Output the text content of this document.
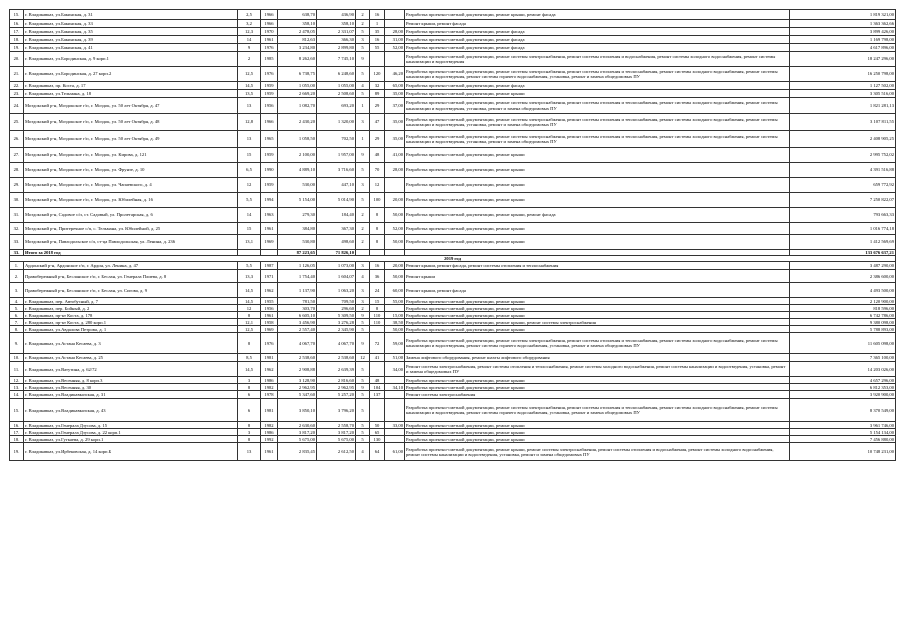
15.	г. Владикавказ, ул.Бакинская, д. 31	2,5	1966	638,70	436,90	2	16		Разработка проектно-сметной документации, ремонт крыши, ремонт фасада	1 819 321,00
16.	г. Владикавказ, ул.Бакинская, д. 33	3,2	1966	358,10	358,10	2	1		Ремонт крыши, ремонт фасада	1 363 362,66
17.	г. Владикавказ, ул.Бакинская, д. 35	12,3	1970	2 478,05	2 331,07	5	35	28,00	Разработка проектно-сметной документации, ремонт фасада	3 899 426,00
18.	г. Владикавказ, ул.Бакинская, д. 39	14	1961	812,63	366,30	3	16	31,00	Разработка проектно-сметной документации, ремонт фасада	1 169 798,00
19.	г. Владикавказ, ул.Бакинская, д. 41	9	1976	3 234,80	2 899,80	5	55	52,00	Разработка проектно-сметной документации, ремонт фасада	4 617 896,00
20.	г. Владикавказ, ул.Бородинская, д. 9 корп.1	2	1985	8 262,60	7 745,10	9			Разработка проектно-сметной документации, ремонт системы электроснабжения, ремонт системы отопления и водоснабжения, ремонт системы холодного водоснабжения, ремонт системы канализации и водоотведения	18 247 296,00
21.	г. Владикавказ, ул.Бородинская, д. 27 корп.2	12,5	1976	6 738,75	6 248,60	5	120	46,20	Разработка проектно-сметной документации, ремонт системы электроснабжения, ремонт системы отопления и теплоснабжения, ремонт системы холодного водоснабжения, ремонт системы канализации и водоотведения, ремонт системы горячего водоснабжения, установка, ремонт и замена общедомовых ПУ	16 250 798,00
22.	г. Владикавказ, пр. Коста, д. 17	14,5	1959	1 055,00	1 055,00	4	32	65,00	Разработка проектно-сметной документации, ремонт фасада	1 127 502,00
23.	г. Владикавказ, ул.Тельмана, д. 18	13,5	1959	2 669,20	2 508,60	5	89	35,00	Разработка проектно-сметной документации, ремонт крыши	3 305 516,00
24.	Моздокский р-н, Моздокское г/п, г. Моздок, ул. 50 лет Октября, д. 47	13	1956	1 082,70	693,20	1	29	37,00	Разработка проектно-сметной документации, ремонт системы электроснабжения, ремонт системы отопления и теплоснабжения, ремонт системы холодного водоснабжения, ремонт системы канализации и водоотведения, установка, ремонт и замена общедомовых ПУ	1 821 281,13
25.	Моздокский р-н, Моздокское г/п, г. Моздок, ул. 50 лет Октября, д. 48	12,8	1966	2 430,20	1 320,00	3	47	35,00	Разработка проектно-сметной документации, ремонт системы электроснабжения, ремонт системы отопления и теплоснабжения, ремонт системы холодного водоснабжения, ремонт системы канализации и водоотведения, установка, ремонт и замена общедомовых ПУ	3 107 811,55
26.	Моздокский р-н, Моздокское г/п, г. Моздок, ул. 50 лет Октября, д. 49	13	1965	1 058,50	702,50	1	29	35,00	Разработка проектно-сметной документации, ремонт системы электроснабжения, ремонт системы отопления и теплоснабжения, ремонт системы холодного водоснабжения, ремонт системы канализации и водоотведения, установка, ремонт и замена общедомовых ПУ	2 408 905,25
27.	Моздокский р-н, Моздокское г/п, г. Моздок, ул. Кирова, д. 121	15	1959	2 100,00	1 957,00	9	48	41,00	Разработка проектно-сметной документации, ремонт крыши	2 995 752,02
28.	Моздокский р-н, Моздокское г/п, г. Моздок, ул. Фрунзе, д. 10	6,5	1990	4 889,10	3 716,60	5	70	28,00	Разработка проектно-сметной документации, ремонт крыши	4 391 516,88
29.	Моздокский р-н, Моздокское г/п, г. Моздок, ул. Чапаевского, д. 4	12	1959	530,00	447,10	3	12		Разработка проектно-сметной документации, ремонт крыши	659 772,92
30.	Моздокский р-н, Моздокское г/п, г. Моздок, ул. Юбилейная, д. 16	5,5	1994	5 154,00	5 014,90	5	100	20,00	Разработка проектно-сметной документации, ремонт крыши	7 250 822,07
31.	Моздокский р-н, Садовое с/п, ст. Садовый, ул. Пролетарская, д. 6	14	1963	279,30	184,40	2	8	50,00	Разработка проектно-сметной документации, ремонт крыши, ремонт фасада	793 663,33
32.	Моздокский р-н, Притеречное с/п, с. Тельмана, ул. Юбилейной, д. 25	15	1961	384,80	367,30	2	8	52,00	Разработка проектно-сметной документации, ремонт крыши	1 016 774,18
33.	Моздокский р-н, Павлодольское с/п, ст-ца Павлодольская, ул. Ленина, д. 236	13,1	1969	530,80	498,60	2	8	50,00	Разработка проектно-сметной документации, ремонт крыши	1 412 569,69
33.	Итого за 2018 год			87 223,65	71 826,10					133 676 637,21
2019 год										
1.	Ардонский р-н, Ардонское г/п, г. Ардон, ул. Ленина, д. 47	5,5	1987	1 126,05	1 073,00	3	16	20,00	Ремонт крыши, ремонт фасада, ремонт системы отопления и теплоснабжения	3 487 290,00
2.	Правобережный р-н, Бесланское г/п, г. Беслан, ул. Генерала Плиева, д. 8	13,3	1971	1 754,40	1 604,07	4	36	50,00	Ремонт крыши	2 386 600,00
3.	Правобережный р-н, Бесланское г/п, г. Беслан, ул. Сигова, д. 9	14,5	1962	1 137,90	1 063,20	3	24	60,00	Ремонт крыши, ремонт фасада	4 493 500,00
4.	г. Владикавказ, пер. Автобусный, д. 7	14,5	1955	781,50	709,50	3	15	55,00	Разработка проектно-сметной документации, ремонт крыши	2 120 900,00
5.	г. Владикавказ, пер. Бойный, д. 2	12	1956	303,70	296,60	2	8		Разработка проектно-сметной документации, ремонт крыши	818 596,00
6.	г. Владикавказ, пр-кт Коста, д. 178	8	1961	6 605,10	5 309,50	9	110	15,00	Разработка проектно-сметной документации, ремонт крыши	6 742 786,00
7.	г. Владикавказ, пр-кт Коста, д. 280 корп.1	12,1	1958	3 456,90	3 276,28	5	110	38,50	Разработка проектно-сметной документации, ремонт крыши, ремонт системы электроснабжения	9 380 098,00
8.	г. Владикавказ, ул.Авдалова Петрова, д. 1	12,5	1969	2 557,40	2 345,90	5		50,00	Разработка проектно-сметной документации, ремонт крыши	5 788 893,00
9.	г. Владикавказ, ул.Астана Кесаева, д. 3	8	1976	4 067,70	4 067,70	9	72	59,00	Разработка проектно-сметной документации, ремонт системы электроснабжения, ремонт системы отопления и теплоснабжения, ремонт системы холодного водоснабжения, ремонт системы канализации и водоотведения, ремонт системы горячего водоснабжения, установка, ремонт и замена общедомовых ПУ	11 605 098,00
10.	г. Владикавказ, ул.Астана Кесаева, д. 25	8,5	1981	2 538,60	2 538,60	12	41	51,00	Замена лифтового оборудования, ремонт шахты лифтового оборудования	7 365 100,00
11.	г. Владикавказ, ул.Ватутина, д. 62/72	14,5	1962	2 908,88	2 639,39	5		34,00	Ремонт системы электроснабжения, ремонт системы отопления и теплоснабжения, ремонт системы холодного водоснабжения, ремонт системы канализации и водоотведения, установка, ремонт и замена общедомовых ПУ	14 203 026,00
12.	г. Владикавказ, ул.Весенняя, д. 8 корп.3	3	1986	3 128,90	2 816,60	5	48		Разработка проектно-сметной документации, ремонт крыши	4 657 296,00
13.	г. Владикавказ, ул.Весенняя, д. 30	8	1982	2 962,95	2 962,95	9	104	34,10	Разработка проектно-сметной документации, ремонт крыши	6 812 353,00
14.	г. Владикавказ, ул.Владикавказская, д. 31	6	1978	5 347,60	5 257,20	5	137		Ремонт системы электроснабжения	3 920 900,00
15.	г. Владикавказ, ул.Владикавказская, д. 43	6	1981	3 850,10	3 796,20	5			Разработка проектно-сметной документации, ремонт системы электроснабжения, ремонт системы отопления и теплоснабжения, ремонт системы холодного водоснабжения, ремонт системы канализации и водоотведения, ремонт системы горячего водоснабжения, установка, ремонт и замена общедомовых ПУ	8 370 549,00
16.	г. Владикавказ, ул.Генерала Дзусова, д. 15	8	1982	2 630,60	2 558,70	5	50	33,00	Разработка проектно-сметной документации, ремонт крыши	3 961 746,00
17.	г. Владикавказ, ул.Генерала Дзусова, д. 22 корп.1	3	1986	3 817,20	3 817,20	5	65		Разработка проектно-сметной документации, ремонт крыши	5 154 134,00
18.	г. Владикавказ, ул.Гугкаева, д. 29 корп.1	8	1992	5 675,00	5 675,00	5	130		Разработка проектно-сметной документации, ремонт крыши	7 456 880,00
19.	г. Владикавказ, ул.Ирбековская, д. 14 корп.Б	13	1961	2 835,45	2 612,50	4	64	61,00	Разработка проектно-сметной документации, ремонт крыши, ремонт системы электроснабжения, ремонт системы отопления и водоснабжения, ремонт системы холодного водоснабжения, ремонт системы канализации и водоотведения, установка, ремонт и замена общедомовых ПУ	10 748 231,00
